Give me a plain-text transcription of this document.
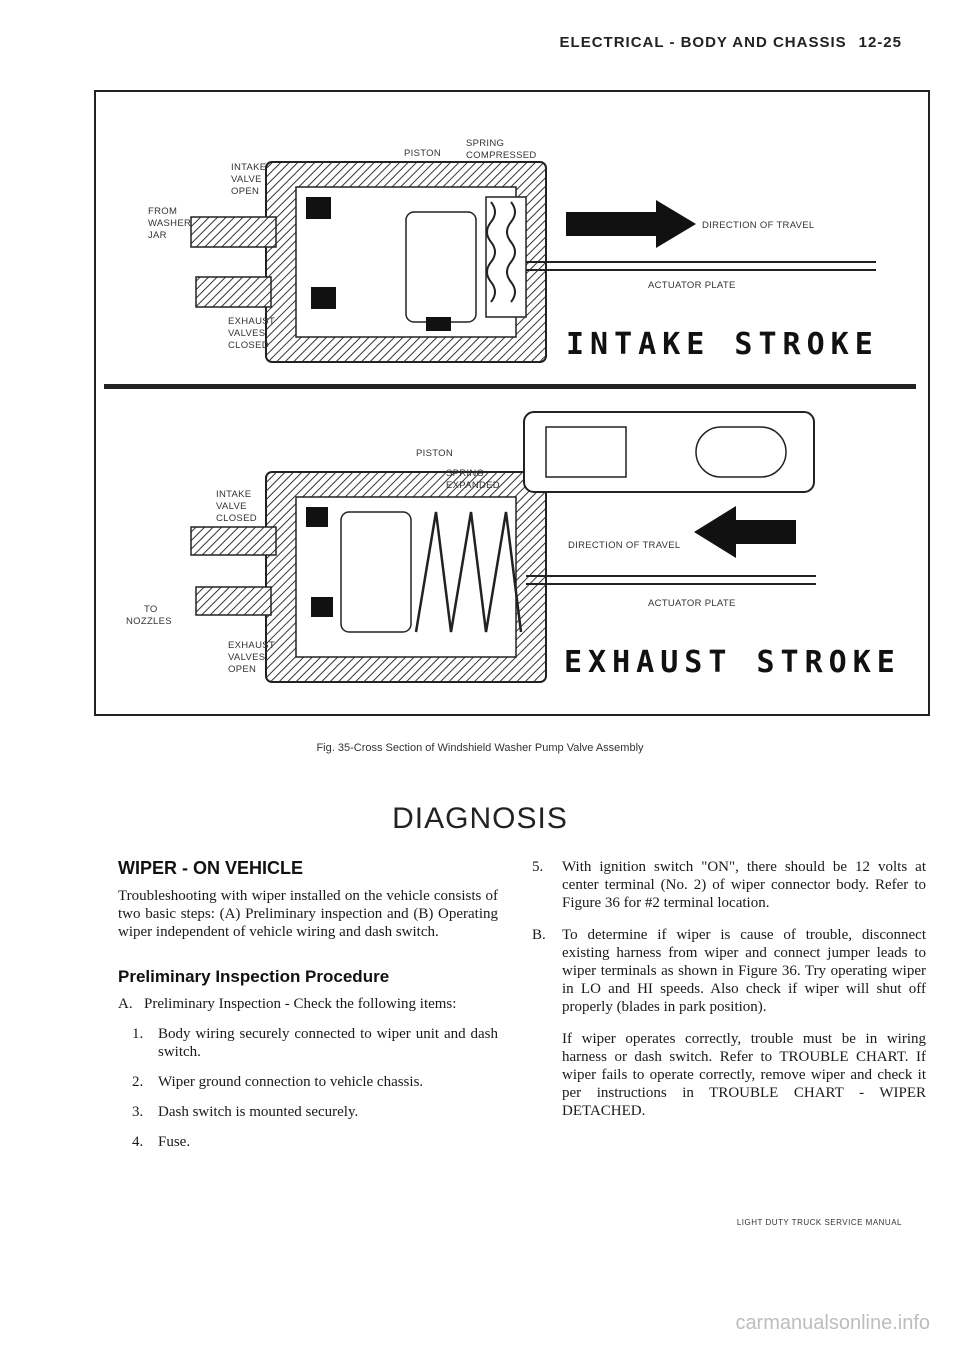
ELECTRICAL - BODY AND CHASSIS 12-25
PISTON
SPRING
COMPRESSED
INTAKE
VALVE
OPEN
FROM
WASHER
JAR
DIRECTION OF TRAVEL
ACTUATOR PLATE
EXHAUST
VALVES
CLOSED	INTAKE STROKE
PISTON
SPRING
EXPANDED
INTAKE
VALVE
CLOSED
TO
NOZZLES
DIRECTION OF TRAVEL
ACTUATOR PLATE
EXHAUST
VALVES
OPEN	EXHAUST STROKE
Fig. 35-Cross Section of Windshield Washer Pump Valve Assembly
DIAGNOSIS
WIPER - ON VEHICLE

Troubleshooting with wiper installed on the vehicle consists of two basic steps: (A) Preliminary inspection and (B) Operating wiper independent of vehicle wiring and dash switch.

Preliminary Inspection Procedure
A. Preliminary Inspection - Check the following items:
1. Body wiring securely connected to wiper unit and dash switch.
2. Wiper ground connection to vehicle chassis.
3. Dash switch is mounted securely.
4. Fuse.
5. With ignition switch "ON", there should be 12 volts at center terminal (No. 2) of wiper connector body. Refer to Figure 36 for #2 terminal location.
B. To determine if wiper is cause of trouble, disconnect existing harness from wiper and connect jumper leads to wiper terminals as shown in Figure 36. Try operating wiper in LO and HI speeds. Also check if wiper will shut off properly (blades in park position).

If wiper operates correctly, trouble must be in wiring harness or dash switch. Refer to TROUBLE CHART. If wiper fails to operate correctly, remove wiper and check it per instructions in TROUBLE CHART - WIPER DETACHED.

LIGHT DUTY TRUCK SERVICE MANUAL
carmanualsonline.info
